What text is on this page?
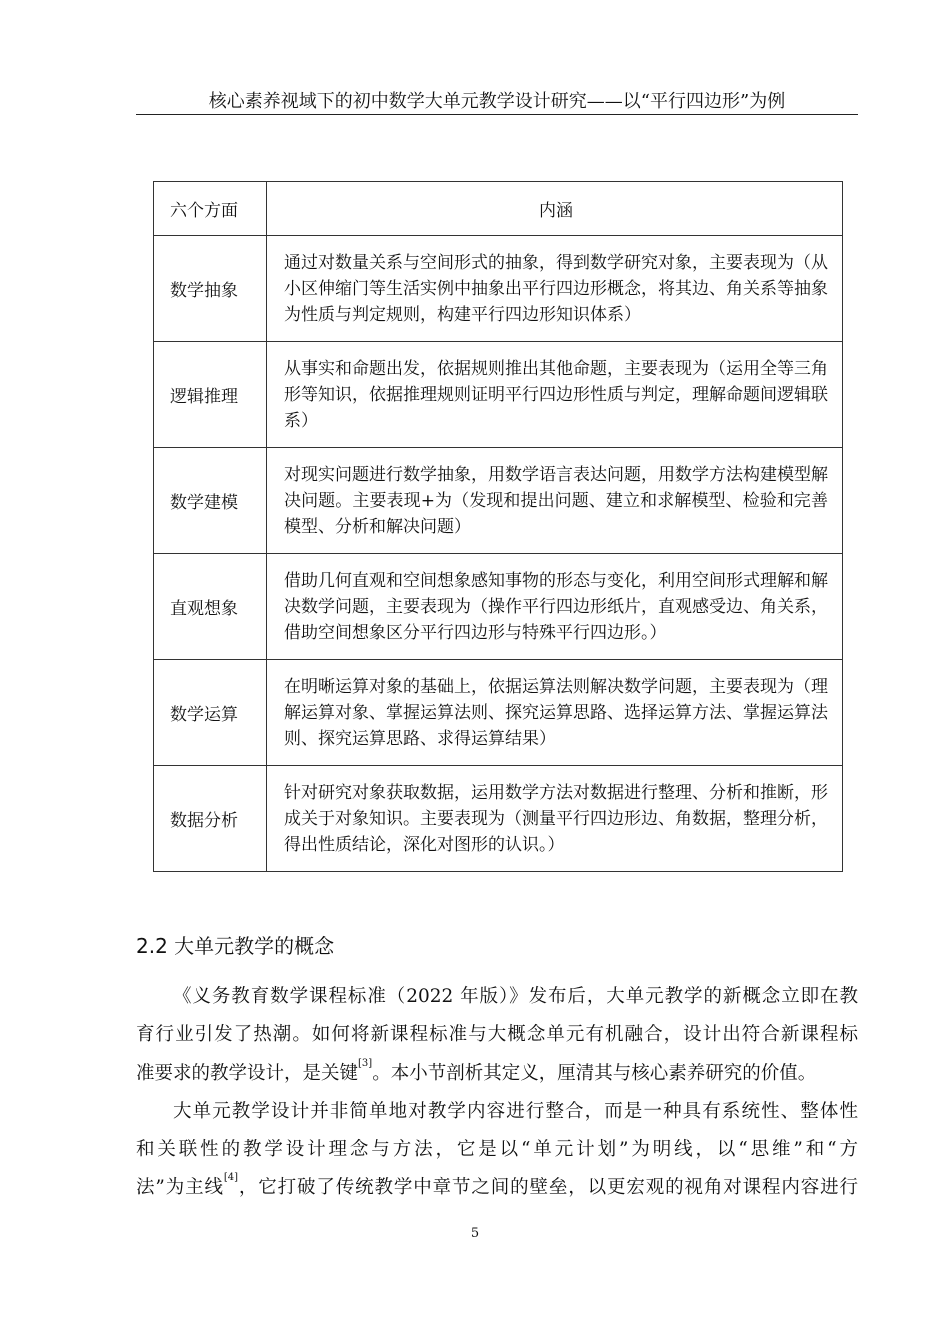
核心素养视域下的初中数学大单元教学设计研究——以“平行四边形”为例
六个方面	内涵
数学抽象	通过对数量关系与空间形式的抽象，得到数学研究对象，主要表现为（从
小区伸缩门等生活实例中抽象出平行四边形概念，将其边、角关系等抽象
为性质与判定规则，构建平行四边形知识体系）

逻辑推理	从事实和命题出发，依据规则推出其他命题，主要表现为（运用全等三角
形等知识，依据推理规则证明平行四边形性质与判定，理解命题间逻辑联
系）

数学建模	对现实问题进行数学抽象，用数学语言表达问题，用数学方法构建模型解
决问题。主要表现+为（发现和提出问题、建立和求解模型、检验和完善
模型、分析和解决问题）

直观想象	借助几何直观和空间想象感知事物的形态与变化，利用空间形式理解和解
决数学问题，主要表现为（操作平行四边形纸片，直观感受边、角关系，
借助空间想象区分平行四边形与特殊平行四边形。）

数学运算	在明晰运算对象的基础上，依据运算法则解决数学问题，主要表现为（理
解运算对象、掌握运算法则、探究运算思路、选择运算方法、掌握运算法
则、探究运算思路、求得运算结果）

数据分析	针对研究对象获取数据，运用数学方法对数据进行整理、分析和推断，形
成关于对象知识。主要表现为（测量平行四边形边、角数据，整理分析，
得出性质结论，深化对图形的认识。）
2.2 大单元教学的概念
《义务教育数学课程标准（2022 年版）》发布后，大单元教学的新概念立即在教
育行业引发了热潮。如何将新课程标准与大概念单元有机融合，设计出符合新课程标
准要求的教学设计，是关键[3]。本小节剖析其定义，厘清其与核心素养研究的价值。
大单元教学设计并非简单地对教学内容进行整合，而是一种具有系统性、整体性
和关联性的教学设计理念与方法，它是以“单元计划”为明线，以“思维”和“方
法”为主线[4]，它打破了传统教学中章节之间的壁垒，以更宏观的视角对课程内容进行
5
